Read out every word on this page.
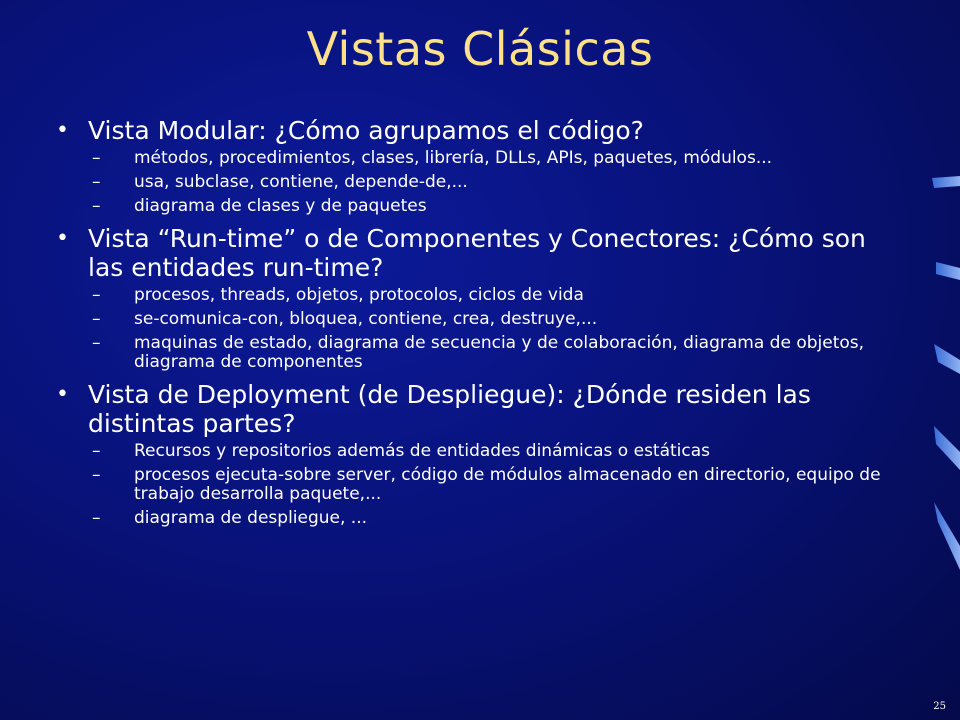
Vistas Clásicas
• Vista Modular: ¿Cómo agrupamos el código?
– métodos, procedimientos, clases, librería, DLLs, APIs, paquetes, módulos...
– usa, subclase, contiene, depende-de,...
– diagrama de clases y de paquetes
• Vista “Run-time” o de Componentes y Conectores: ¿Cómo son las entidades run-time?
– procesos, threads, objetos, protocolos, ciclos de vida
– se-comunica-con, bloquea, contiene, crea, destruye,...
– maquinas de estado, diagrama de secuencia y de colaboración, diagrama de objetos, diagrama de componentes
• Vista de Deployment (de Despliegue): ¿Dónde residen las distintas partes?
– Recursos y repositorios además de entidades dinámicas o estáticas
– procesos ejecuta-sobre server, código de módulos almacenado en directorio, equipo de trabajo desarrolla paquete,...
– diagrama de despliegue, ...
25
